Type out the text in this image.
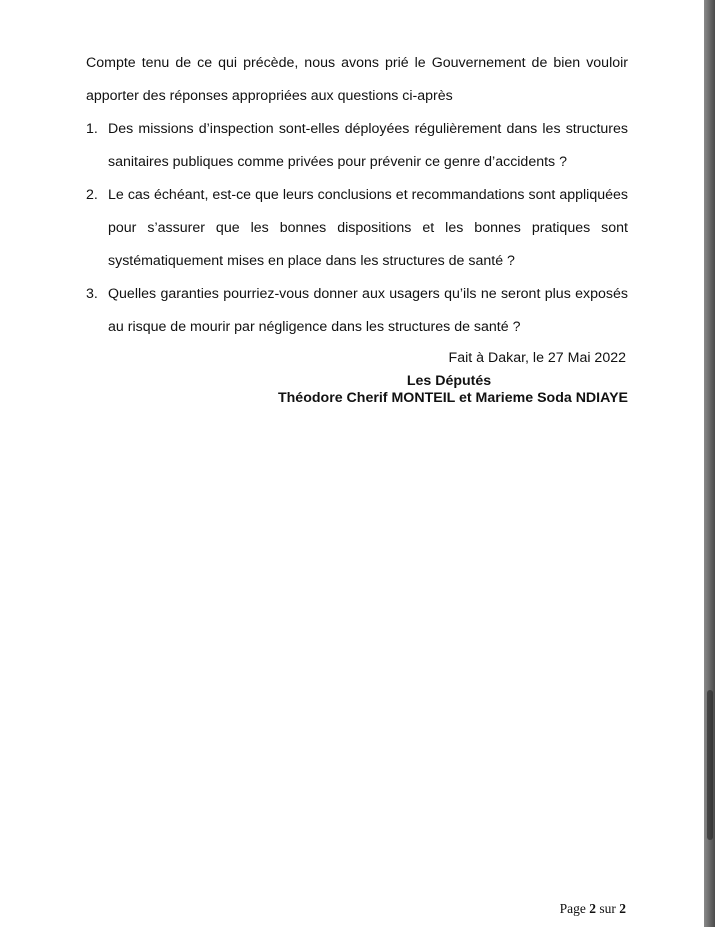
Compte tenu de ce qui précède, nous avons prié le Gouvernement de bien vouloir apporter des réponses appropriées aux questions ci-après
1. Des missions d’inspection sont-elles déployées régulièrement dans les structures sanitaires publiques comme privées pour prévenir ce genre d’accidents ?
2. Le cas échéant, est-ce que leurs conclusions et recommandations sont appliquées pour s’assurer que les bonnes dispositions et les bonnes pratiques sont systématiquement mises en place dans les structures de santé ?
3. Quelles garanties pourriez-vous donner aux usagers qu’ils ne seront plus exposés au risque de mourir par négligence dans les structures de santé ?
Fait à Dakar, le 27 Mai 2022
Les Députés
Théodore Cherif MONTEIL et Marieme Soda NDIAYE
Page 2 sur 2
